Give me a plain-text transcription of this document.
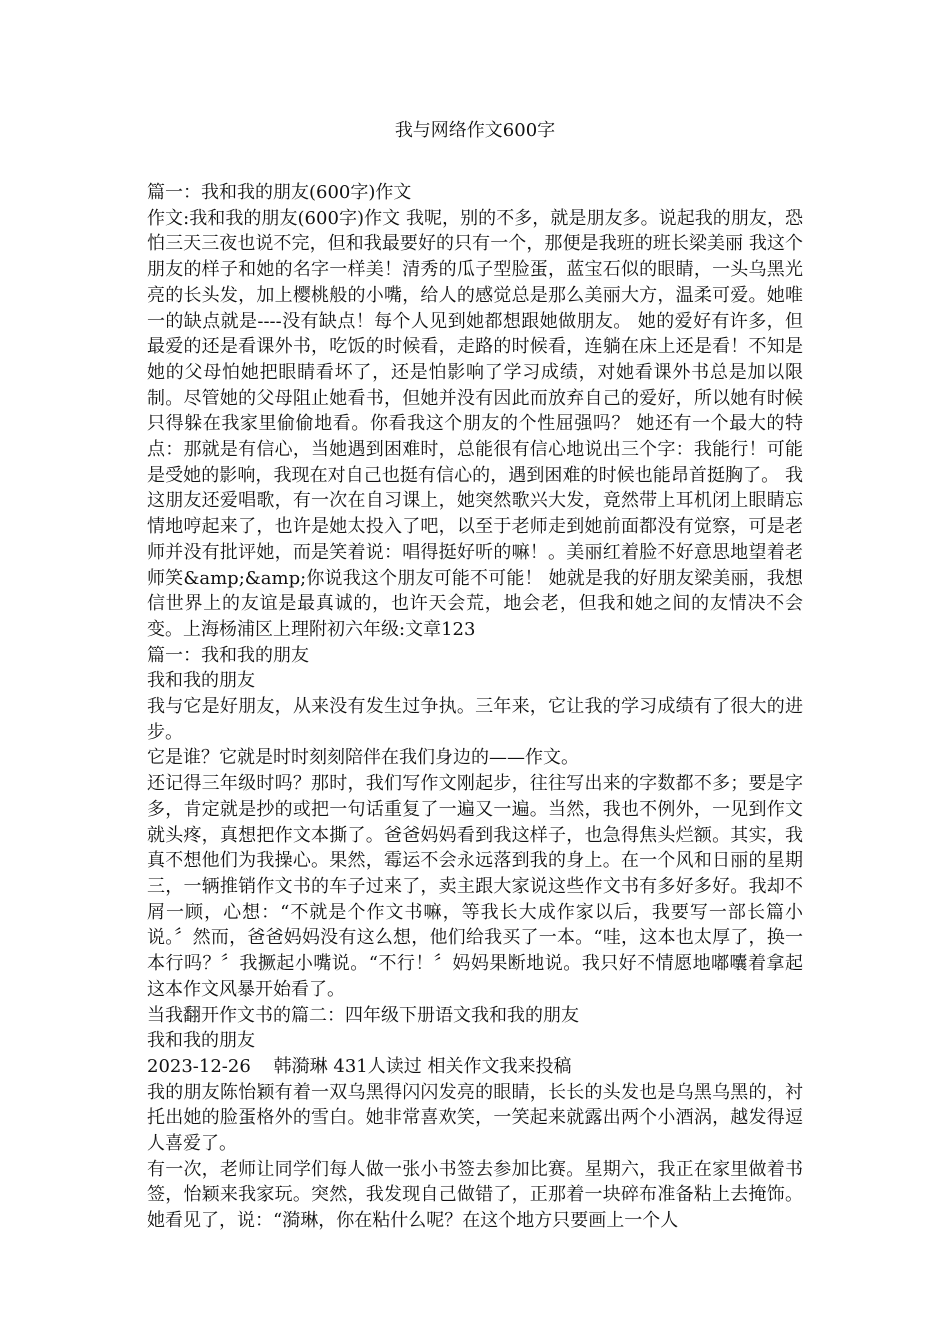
我与网络作文600字

篇一：我和我的朋友(600字)作文

作文:我和我的朋友(600字)作文 我呢，别的不多，就是朋友多。说起我的朋友，恐怕三天三夜也说不完，但和我最要好的只有一个，那便是我班的班长梁美丽 我这个朋友的样子和她的名字一样美！清秀的瓜子型脸蛋，蓝宝石似的眼睛，一头乌黑光亮的长头发，加上樱桃般的小嘴，给人的感觉总是那么美丽大方，温柔可爱。她唯一的缺点就是----没有缺点！每个人见到她都想跟她做朋友。 她的爱好有许多，但最爱的还是看课外书，吃饭的时候看，走路的时候看，连躺在床上还是看！不知是她的父母怕她把眼睛看坏了，还是怕影响了学习成绩，对她看课外书总是加以限制。尽管她的父母阻止她看书，但她并没有因此而放弃自己的爱好，所以她有时候只得躲在我家里偷偷地看。你看我这个朋友的个性屈强吗？ 她还有一个最大的特点：那就是有信心，当她遇到困难时，总能很有信心地说出三个字：我能行！可能是受她的影响，我现在对自己也挺有信心的，遇到困难的时候也能昂首挺胸了。 我这朋友还爱唱歌，有一次在自习课上，她突然歌兴大发，竟然带上耳机闭上眼睛忘情地哼起来了，也许是她太投入了吧，以至于老师走到她前面都没有觉察，可是老师并没有批评她，而是笑着说：唱得挺好听的嘛！。美丽红着脸不好意思地望着老师笑&amp;&amp;你说我这个朋友可能不可能！ 她就是我的好朋友梁美丽，我想信世界上的友谊是最真诚的，也许天会荒，地会老，但我和她之间的友情决不会变。上海杨浦区上理附初六年级:文章123

篇一：我和我的朋友

我和我的朋友

我与它是好朋友，从来没有发生过争执。三年来，它让我的学习成绩有了很大的进步。

它是谁？它就是时时刻刻陪伴在我们身边的——作文。

还记得三年级时吗？那时，我们写作文刚起步，往往写出来的字数都不多；要是字多，肯定就是抄的或把一句话重复了一遍又一遍。当然，我也不例外，一见到作文就头疼，真想把作文本撕了。爸爸妈妈看到我这样子，也急得焦头烂额。其实，我真不想他们为我操心。果然，霉运不会永远落到我的身上。在一个风和日丽的星期三，一辆推销作文书的车子过来了，卖主跟大家说这些作文书有多好多好。我却不屑一顾，心想：“不就是个作文书嘛，等我长大成作家以后，我要写一部长篇小说。〞然而，爸爸妈妈没有这么想，他们给我买了一本。“哇，这本也太厚了，换一本行吗？〞我撅起小嘴说。“不行！〞妈妈果断地说。我只好不情愿地嘟囔着拿起这本作文风暴开始看了。

当我翻开作文书的篇二：四年级下册语文我和我的朋友

我和我的朋友

2023-12-26    韩漪琳 431人读过 相关作文我来投稿

我的朋友陈怡颖有着一双乌黑得闪闪发亮的眼睛，长长的头发也是乌黑乌黑的，衬托出她的脸蛋格外的雪白。她非常喜欢笑，一笑起来就露出两个小酒涡，越发得逗人喜爱了。

有一次，老师让同学们每人做一张小书签去参加比赛。星期六，我正在家里做着书签，怡颖来我家玩。突然，我发现自己做错了，正那着一块碎布准备粘上去掩饰。她看见了，说：“漪琳，你在粘什么呢？在这个地方只要画上一个人
